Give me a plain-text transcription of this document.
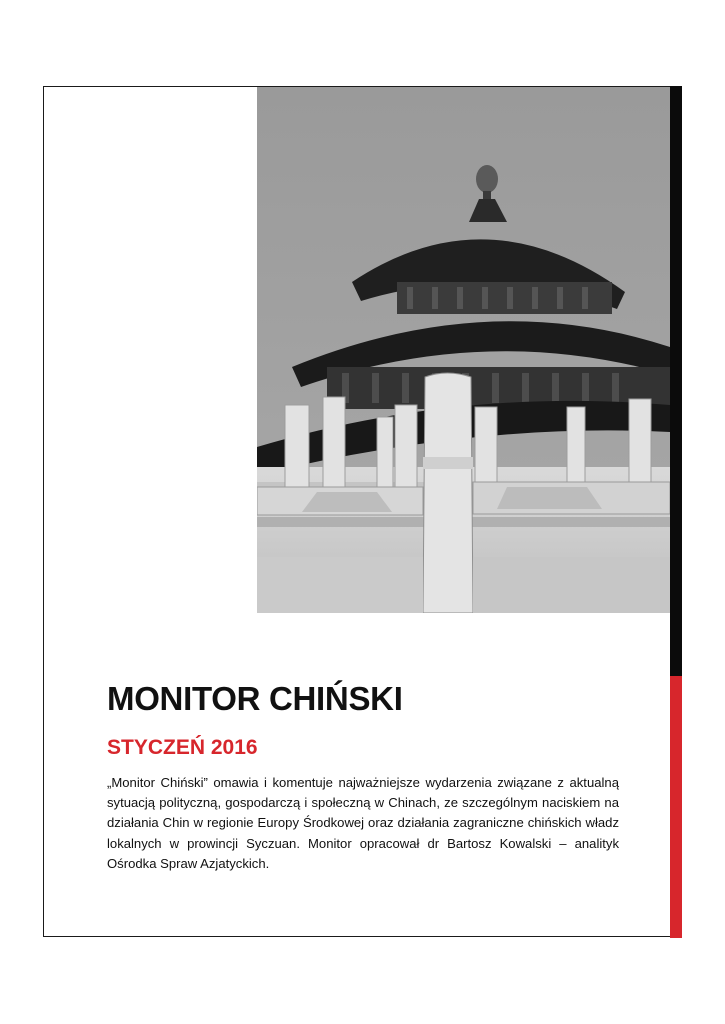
MONITOR CHIŃSKI
STYCZEŃ 2016

„Monitor Chiński” omawia i komentuje najważniejsze wydarzenia związane z aktualną sytuacją polityczną, gospodarczą i społeczną w Chinach, ze szczególnym naciskiem na działania Chin w regionie Europy Środkowej oraz działania zagraniczne chińskich władz lokalnych w prowincji Syczuan. Monitor opracował dr Bartosz Kowalski – analityk Ośrodka Spraw Azjatyckich.
